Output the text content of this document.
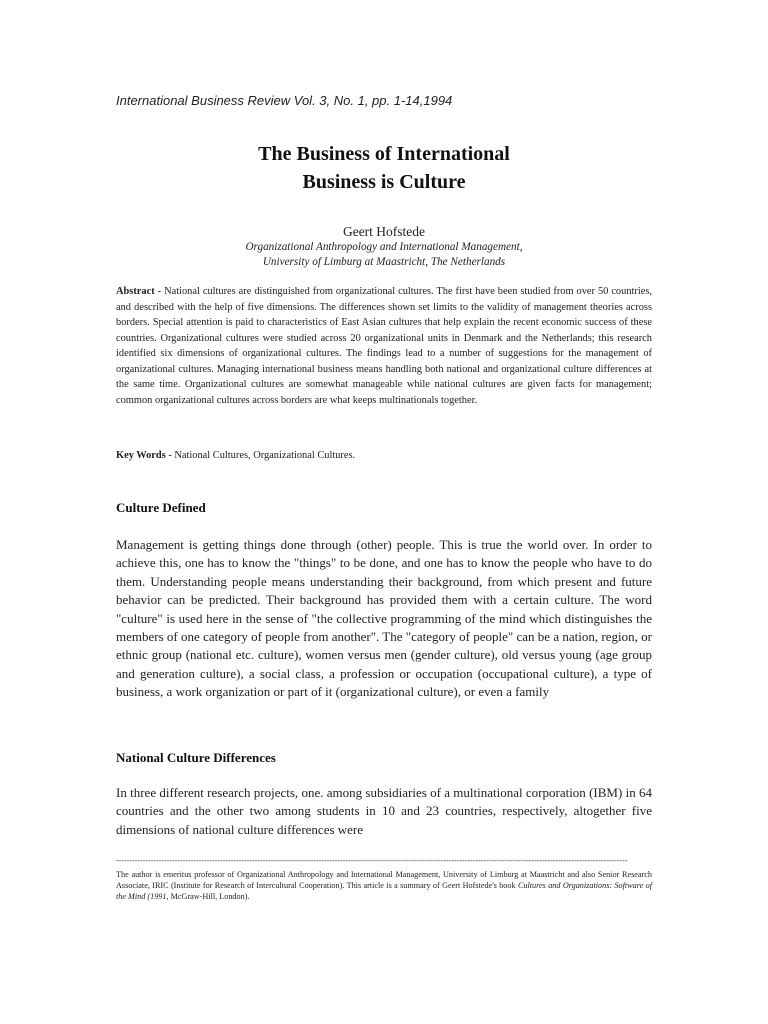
International Business Review Vol. 3, No. 1, pp. 1-14,1994
The Business of International
Business is Culture
Geert Hofstede
Organizational Anthropology and International Management,
University of Limburg at Maastricht, The Netherlands

Abstract - National cultures are distinguished from organizational cultures. The first have been studied from over 50 countries, and described with the help of five dimensions. The differences shown set limits to the validity of management theories across borders. Special attention is paid to characteristics of East Asian cultures that help explain the recent economic success of these countries. Organizational cultures were studied across 20 organizational units in Denmark and the Netherlands; this research identified six dimensions of organizational cultures. The findings lead to a number of suggestions for the management of organizational cultures. Managing international business means handling both national and organizational culture differences at the same time. Organizational cultures are somewhat manageable while national cultures are given facts for management; common organizational cultures across borders are what keeps multinationals together.

Key Words - National Cultures, Organizational Cultures.

Culture Defined

Management is getting things done through (other) people. This is true the world over. In order to achieve this, one has to know the "things" to be done, and one has to know the people who have to do them. Understanding people means understanding their background, from which present and future behavior can be predicted. Their background has provided them with a certain culture. The word "culture" is used here in the sense of "the collective programming of the mind which distinguishes the members of one category of people from another". The "category of people" can be a nation, region, or ethnic group (national etc. culture), women versus men (gender culture), old versus young (age group and generation culture), a social class, a profession or occupation (occupational culture), a type of business, a work organization or part of it (organizational culture), or even a family

National Culture Differences

In three different research projects, one. among subsidiaries of a multinational corporation (IBM) in 64 countries and the other two among students in 10 and 23 countries, respectively, altogether five dimensions of national culture differences were

------------------------------------------------------------------------------------------------------------------------------------------------------------------------------------------------

The author is emeritus professor of Organizational Anthropology and International Management, University of Limburg at Maastricht and also Senior Research Associate, IRIC (Institute for Research of Intercultural Cooperation). This article is a summary of Geert Hofstede's book Cultures and Organizations: Software of the Mind (1991, McGraw-Hill, London).
